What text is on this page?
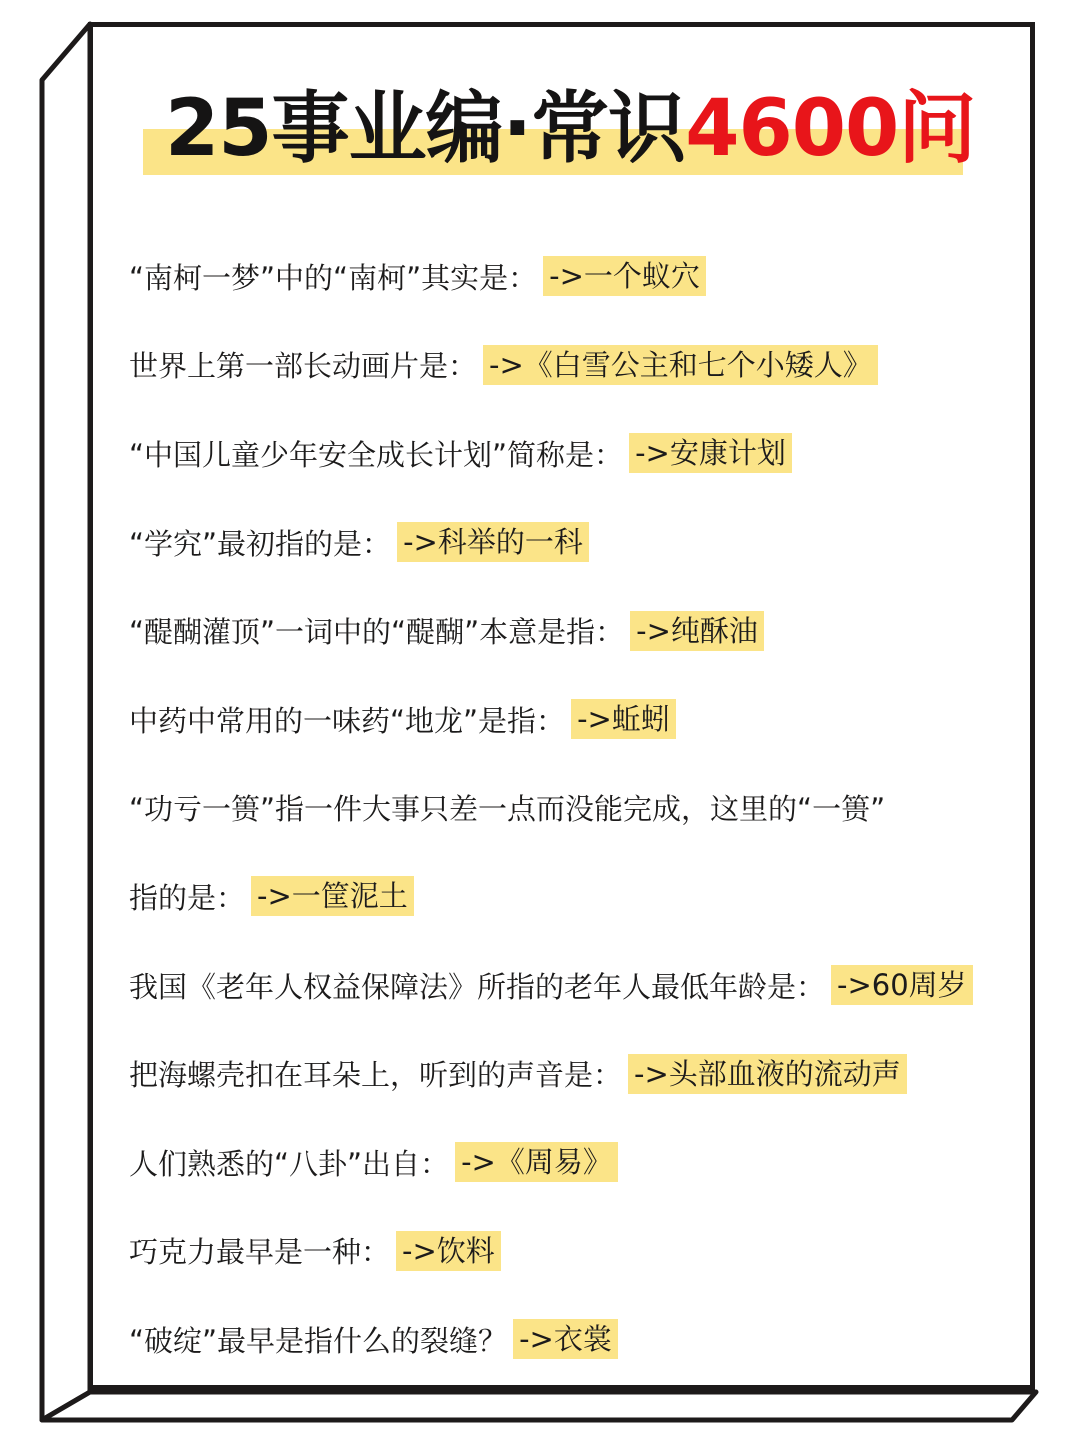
25事业编·常识4600问
“南柯一梦”中的“南柯”其实是： ->一个蚁穴
世界上第一部长动画片是： ->《白雪公主和七个小矮人》
“中国儿童少年安全成长计划”简称是： ->安康计划
“学究”最初指的是： ->科举的一科
“醍醐灌顶”一词中的“醍醐”本意是指： ->纯酥油
中药中常用的一味药“地龙”是指： ->蚯蚓
“功亏一篑”指一件大事只差一点而没能完成，这里的“一篑”
指的是： ->一筐泥土
我国《老年人权益保障法》所指的老年人最低年龄是： ->60周岁
把海螺壳扣在耳朵上，听到的声音是： ->头部血液的流动声
人们熟悉的“八卦”出自： ->《周易》
巧克力最早是一种： ->饮料
“破绽”最早是指什么的裂缝？ ->衣裳
